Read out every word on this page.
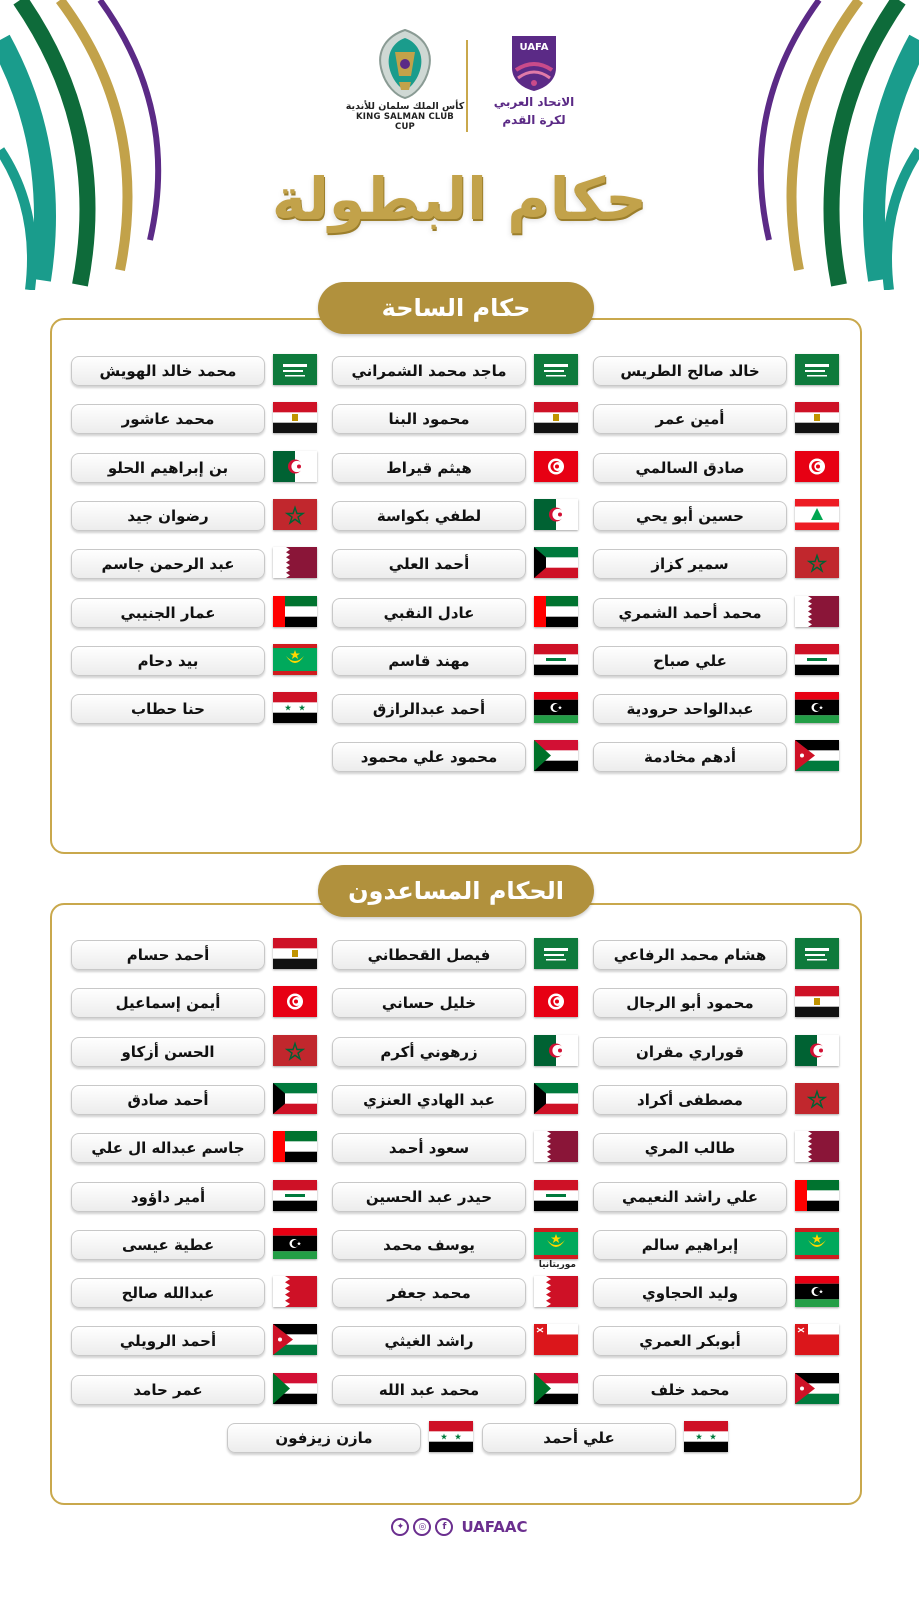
كأس الملك سلمان للأندية
KING SALMAN CLUB CUP
UAFA
الاتحاد العربي
لكرة القدم
حكام البطولة
حكام الساحة
خالد صالح الطريس
ماجد محمد الشمراني
محمد خالد الهويش
أمين عمر
محمود البنا
محمد عاشور
صادق السالمي
هيثم قيراط
بن إبراهيم الحلو
حسين أبو يحي
لطفي بكواسة
رضوان جيد
سمير كزاز
أحمد العلي
عبد الرحمن جاسم
محمد أحمد الشمري
عادل النقبي
عمار الجنيبي
علي صباح
مهند قاسم
بيد دحام
عبدالواحد حرودية
أحمد عبدالرازق
حنا حطاب
أدهم مخادمة
محمود علي محمود
الحكام المساعدون
هشام محمد الرفاعي
فيصل القحطاني
أحمد حسام
محمود أبو الرجال
خليل حساني
أيمن إسماعيل
قوراري مقران
زرهوني أكرم
الحسن أزكاو
مصطفى أكراد
عبد الهادي العنزي
أحمد صادق
طالب المري
سعود أحمد
جاسم عبداله ال علي
علي راشد النعيمي
حيدر عبد الحسين
أمير داؤود
إبراهيم سالم
يوسف محمد
موريتانيا
عطية عيسى
وليد الحجاوي
محمد جعفر
عبدالله صالح
أبوبكر العمري
راشد الغيثي
أحمد الرويلي
محمد خلف
محمد عبد الله
عمر حامد
علي أحمد
مازن زيزفون
✦	◎	f	UAFAAC
